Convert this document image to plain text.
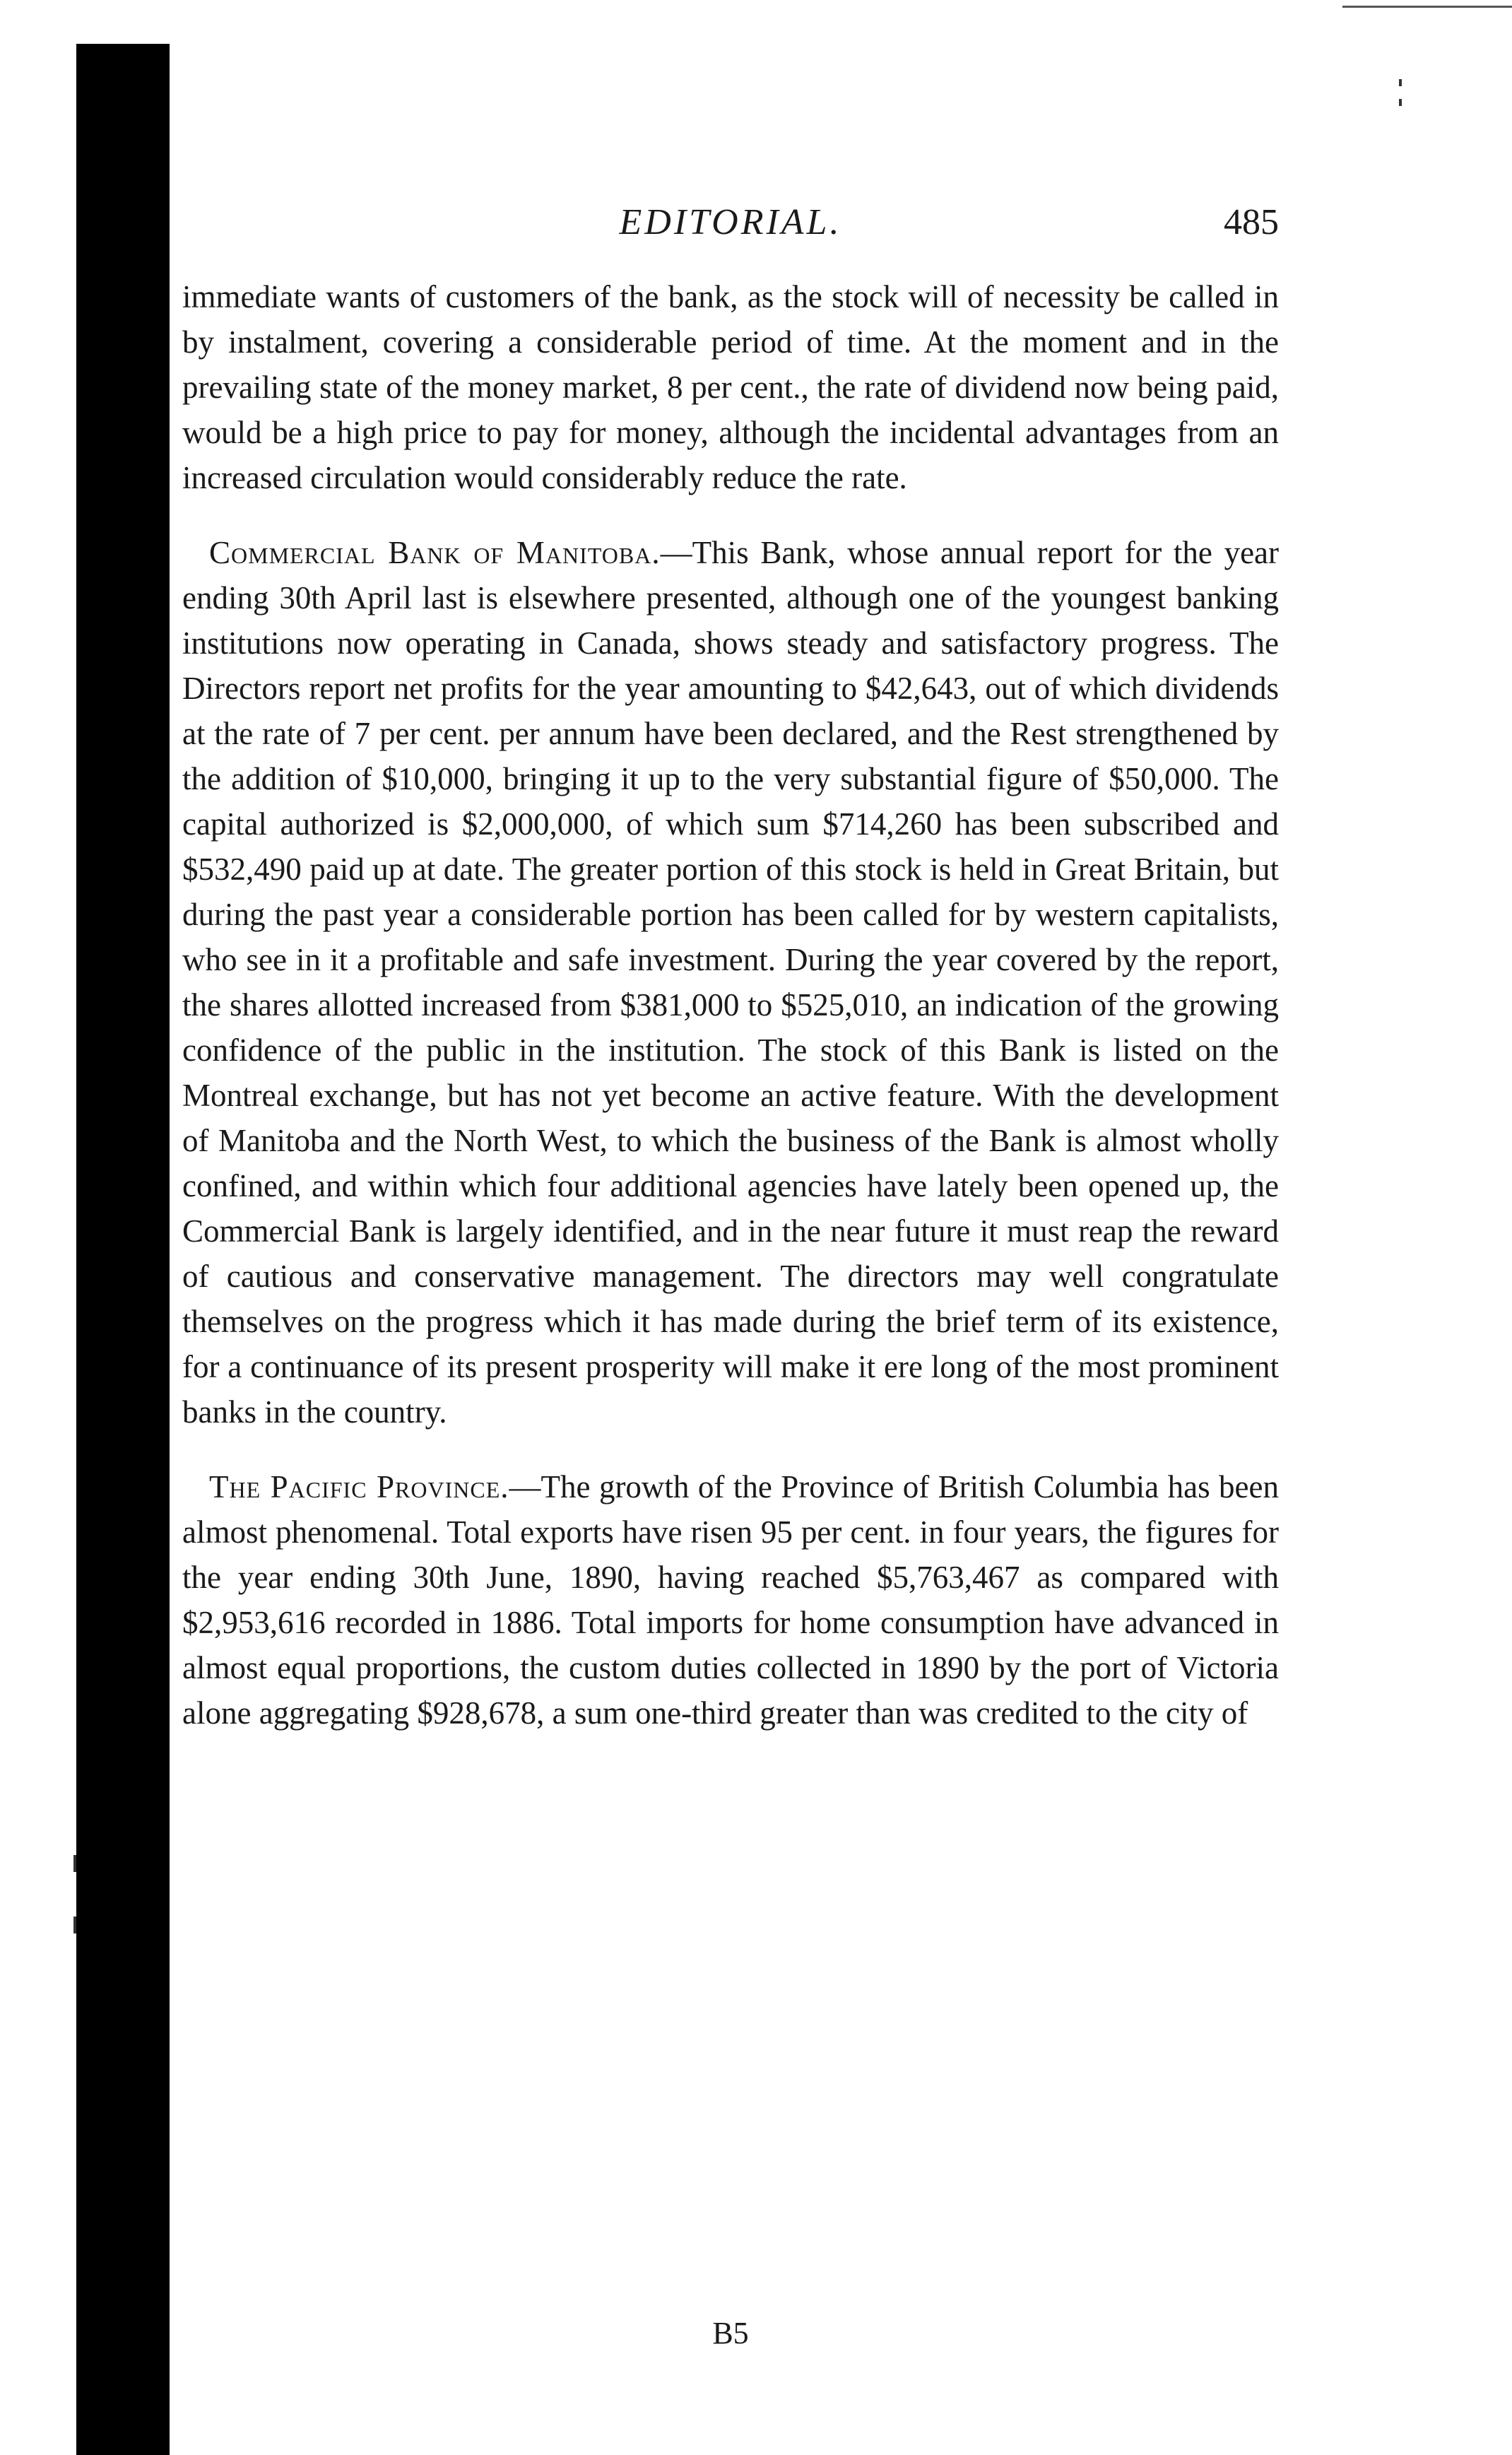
EDITORIAL.	485

immediate wants of customers of the bank, as the stock will of necessity be called in by instalment, covering a considerable period of time. At the moment and in the prevailing state of the money market, 8 per cent., the rate of dividend now being paid, would be a high price to pay for money, although the incidental advantages from an increased circulation would considerably reduce the rate.

Commercial Bank of Manitoba.—This Bank, whose annual report for the year ending 30th April last is elsewhere presented, although one of the youngest banking institutions now operating in Canada, shows steady and satisfactory progress. The Directors report net profits for the year amounting to $42,643, out of which dividends at the rate of 7 per cent. per annum have been declared, and the Rest strengthened by the addition of $10,000, bringing it up to the very substantial figure of $50,000. The capital authorized is $2,000,000, of which sum $714,260 has been subscribed and $532,490 paid up at date. The greater portion of this stock is held in Great Britain, but during the past year a considerable portion has been called for by western capitalists, who see in it a profitable and safe investment. During the year covered by the report, the shares allotted increased from $381,000 to $525,010, an indication of the growing confidence of the public in the institution. The stock of this Bank is listed on the Montreal exchange, but has not yet become an active feature. With the development of Manitoba and the North West, to which the business of the Bank is almost wholly confined, and within which four additional agencies have lately been opened up, the Commercial Bank is largely identified, and in the near future it must reap the reward of cautious and conservative management. The directors may well congratulate themselves on the progress which it has made during the brief term of its existence, for a continuance of its present prosperity will make it ere long of the most prominent banks in the country.

The Pacific Province.—The growth of the Province of British Columbia has been almost phenomenal. Total exports have risen 95 per cent. in four years, the figures for the year ending 30th June, 1890, having reached $5,763,467 as compared with $2,953,616 recorded in 1886. Total imports for home consumption have advanced in almost equal proportions, the custom duties collected in 1890 by the port of Victoria alone aggregating $928,678, a sum one-third greater than was credited to the city of

B5
